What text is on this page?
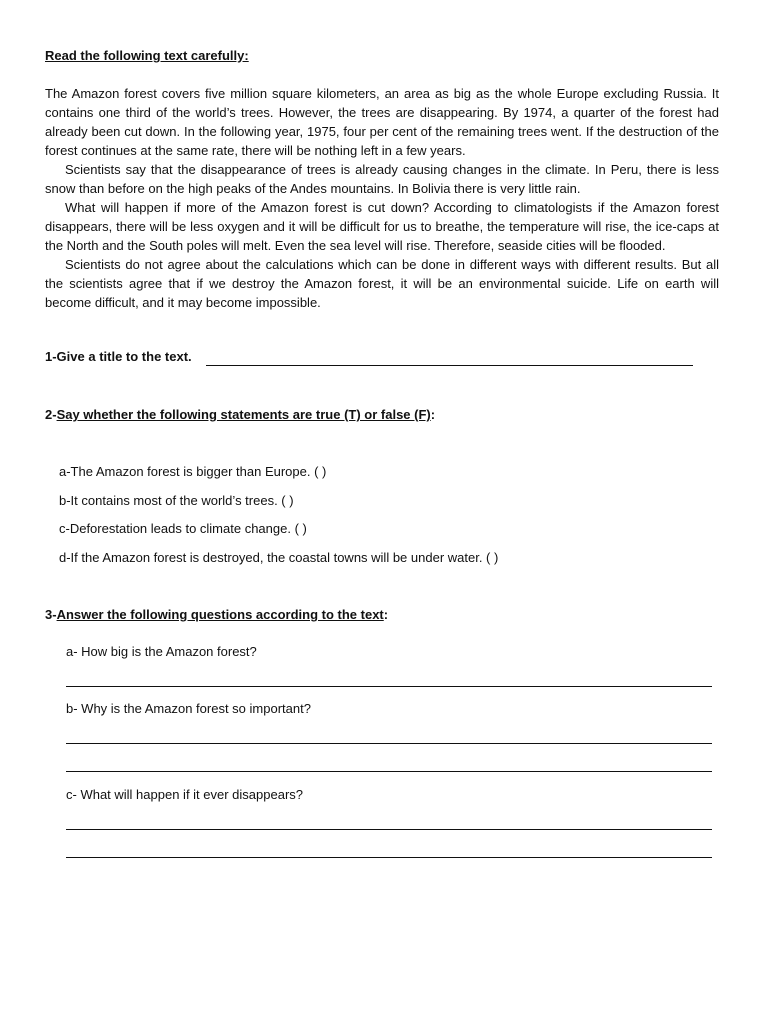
Read the following text carefully:

The Amazon forest covers five million square kilometers, an area as big as the whole Europe excluding Russia. It contains one third of the world’s trees. However, the trees are disappearing. By 1974, a quarter of the forest had already been cut down. In the following year, 1975, four per cent of the remaining trees went. If the destruction of the forest continues at the same rate, there will be nothing left in a few years.

Scientists say that the disappearance of trees is already causing changes in the climate. In Peru, there is less snow than before on the high peaks of the Andes mountains. In Bolivia there is very little rain.

What will happen if more of the Amazon forest is cut down? According to climatologists if the Amazon forest disappears, there will be less oxygen and it will be difficult for us to breathe, the temperature will rise, the ice-caps at the North and the South poles will melt. Even the sea level will rise. Therefore, seaside cities will be flooded.

Scientists do not agree about the calculations which can be done in different ways with different results. But all the scientists agree that if we destroy the Amazon forest, it will be an environmental suicide. Life on earth will become difficult, and it may become impossible.

1-Give a title to the text.
2-Say whether the following statements are true (T) or false (F):
a-The Amazon forest is bigger than Europe. ( )
b-It contains most of the world’s trees. ( )
c-Deforestation leads to climate change. ( )
d-If the Amazon forest is destroyed, the coastal towns will be under water. ( )
3-Answer the following questions according to the text:
a- How big is the Amazon forest?
b- Why is the Amazon forest so important?
c- What will happen if it ever disappears?
